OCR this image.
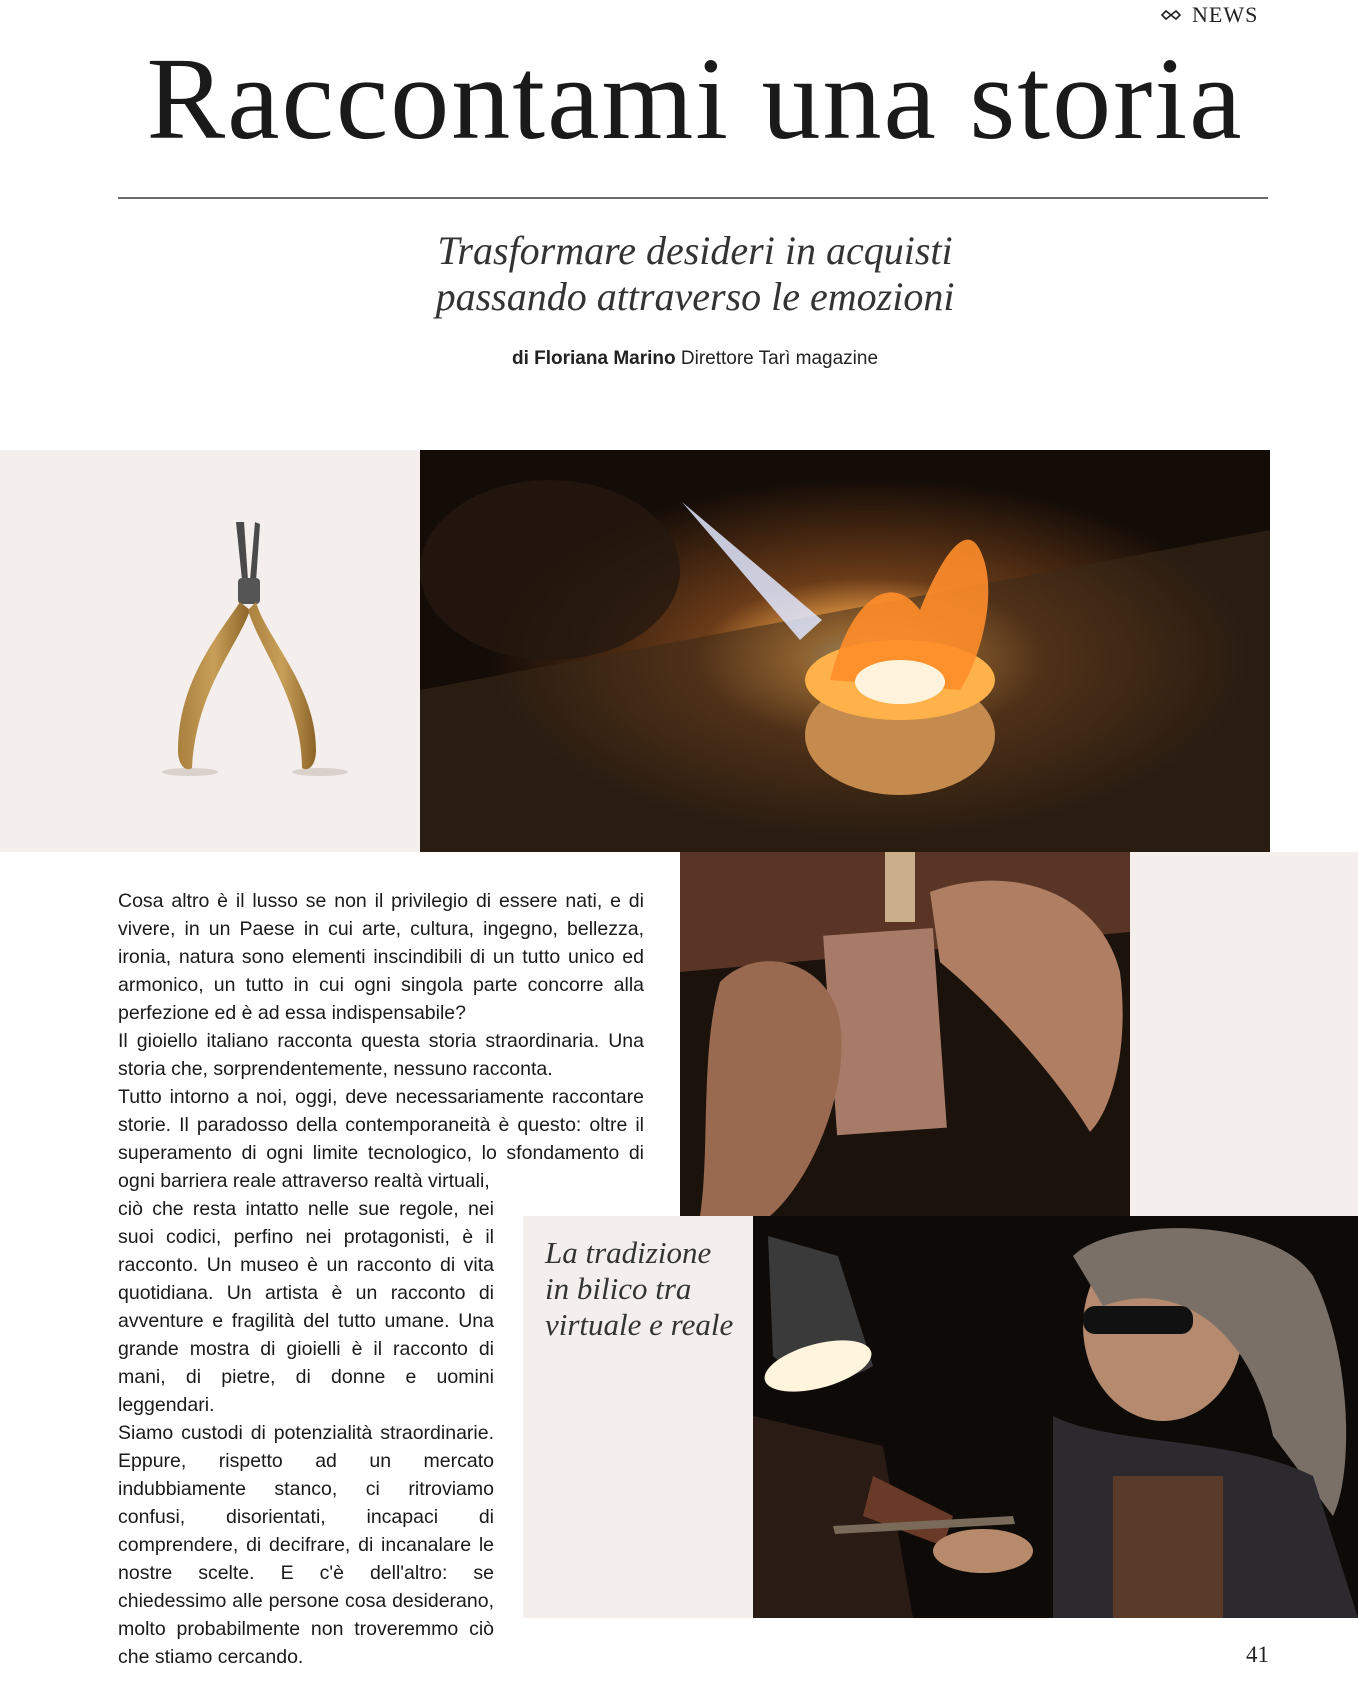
NEWS
Raccontami una storia
Trasformare desideri in acquisti
passando attraverso le emozioni
di Floriana Marino Direttore Tarì magazine

Cosa altro è il lusso se non il privilegio di essere nati, e di vivere, in un Paese in cui arte, cultura, ingegno, bellezza, ironia, natura sono elementi inscindibili di un tutto unico ed armonico, un tutto in cui ogni singola parte concorre alla perfezione ed è ad essa indispensabile?

Il gioiello italiano racconta questa storia straordinaria. Una storia che, sorprendentemente, nessuno racconta.

Tutto intorno a noi, oggi, deve necessariamente raccontare storie. Il paradosso della contemporaneità è questo: oltre il superamento di ogni limite tecnologico, lo sfondamento di ogni barriera reale attraverso realtà virtuali,

ciò che resta intatto nelle sue regole, nei suoi codici, perfino nei protagonisti, è il racconto. Un museo è un racconto di vita quotidiana. Un artista è un racconto di avventure e fragilità del tutto umane. Una grande mostra di gioielli è il racconto di mani, di pietre, di donne e uomini leggendari.

Siamo custodi di potenzialità straordinarie. Eppure, rispetto ad un mercato indubbiamente stanco, ci ritroviamo confusi, disorientati, incapaci di comprendere, di decifrare, di incanalare le nostre scelte. E c'è dell'altro: se chiedessimo alle persone cosa desiderano, molto probabilmente non troveremmo ciò che stiamo cercando.

La tradizione
in bilico tra
virtuale e reale
41
